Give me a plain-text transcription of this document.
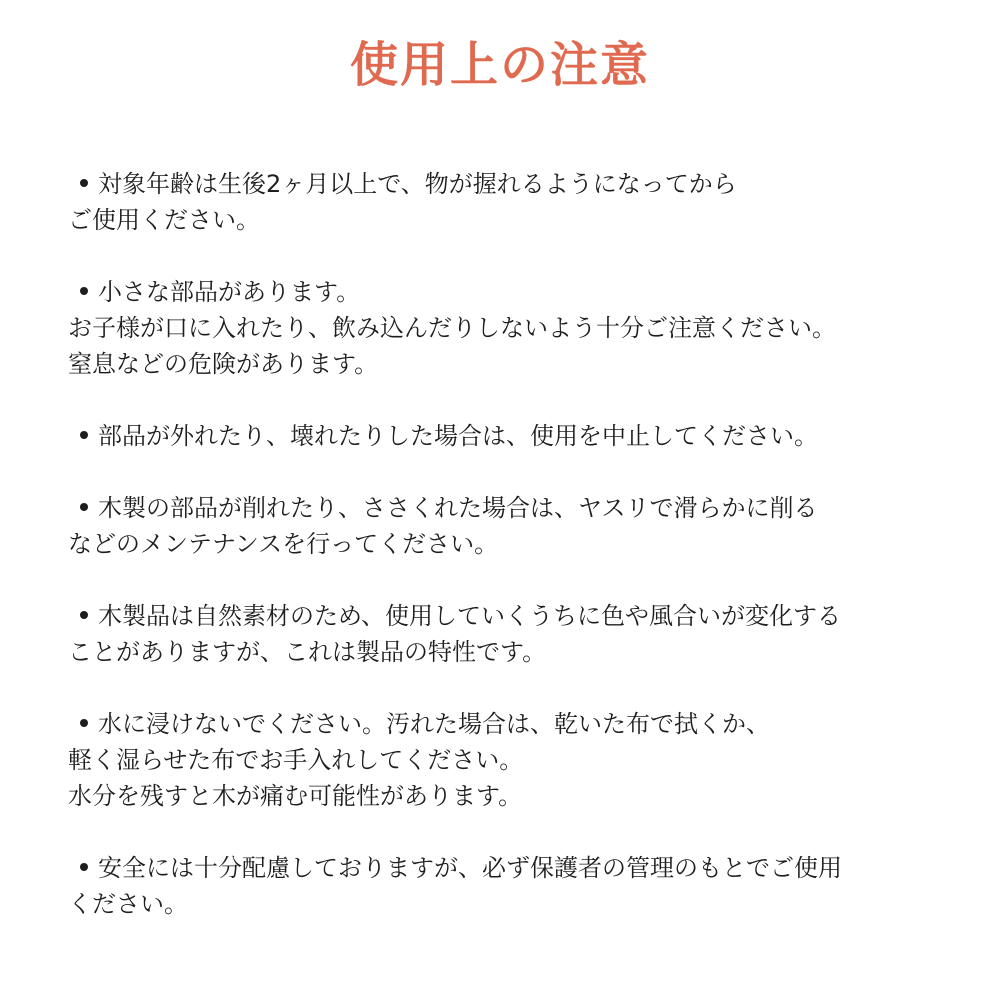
使用上の注意
対象年齢は生後2ヶ月以上で、物が握れるようになってから
ご使用ください。
小さな部品があります。
お子様が口に入れたり、飲み込んだりしないよう十分ご注意ください。
窒息などの危険があります。
部品が外れたり、壊れたりした場合は、使用を中止してください。
木製の部品が削れたり、ささくれた場合は、ヤスリで滑らかに削る
などのメンテナンスを行ってください。
木製品は自然素材のため、使用していくうちに色や風合いが変化する
ことがありますが、これは製品の特性です。
水に浸けないでください。汚れた場合は、乾いた布で拭くか、
軽く湿らせた布でお手入れしてください。
水分を残すと木が痛む可能性があります。
安全には十分配慮しておりますが、必ず保護者の管理のもとでご使用
ください。
